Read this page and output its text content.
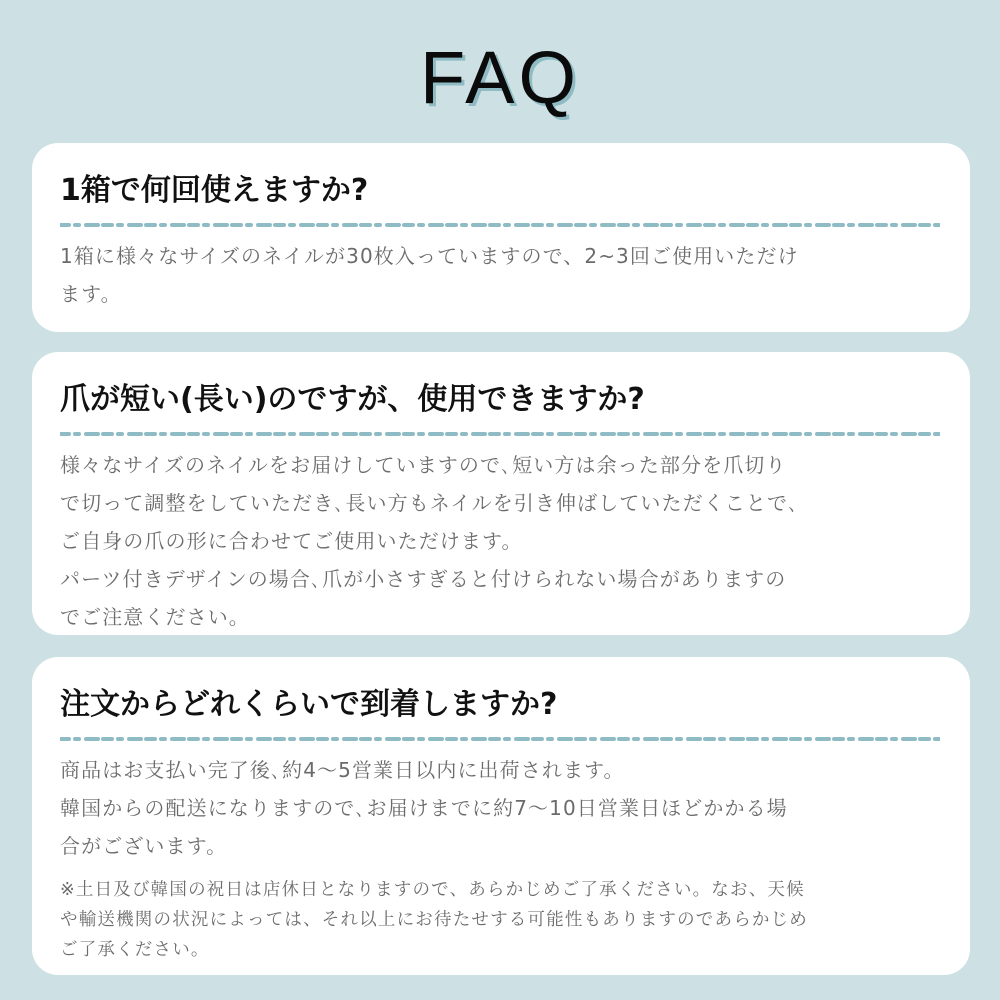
FAQ
1箱で何回使えますか?

1箱に様々なサイズのネイルが30枚入っていますので、2~3回ご使用いただけ

ます。

爪が短い(長い)のですが、使用できますか?

様々なサイズのネイルをお届けしていますので､短い方は余った部分を爪切り

で切って調整をしていただき､長い方もネイルを引き伸ばしていただくことで､

ご自身の爪の形に合わせてご使用いただけます。

パーツ付きデザインの場合､爪が小さすぎると付けられない場合がありますの

でご注意ください｡

注文からどれくらいで到着しますか?

商品はお支払い完了後､約4～5営業日以内に出荷されます。

韓国からの配送になりますので､お届けまでに約7～10日営業日ほどかかる場

合がございます。

※土日及び韓国の祝日は店休日となりますので、あらかじめご了承ください。なお、天候

や輸送機関の状況によっては、それ以上にお待たせする可能性もありますのであらかじめ

ご了承ください。
